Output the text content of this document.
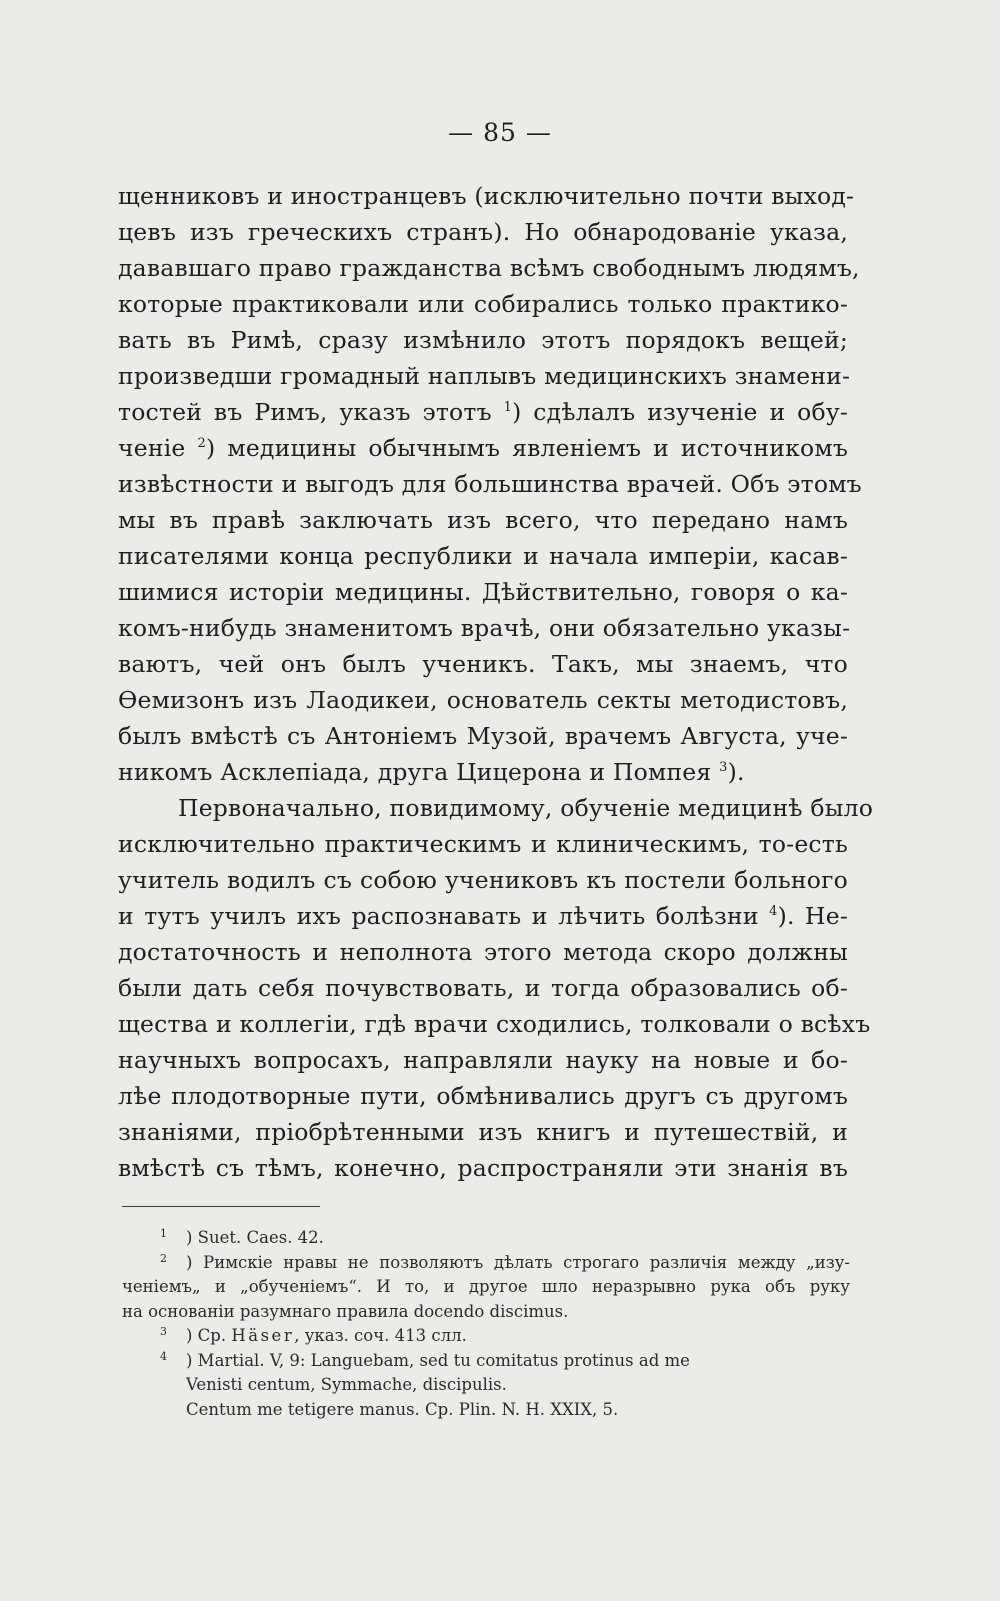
— 85 —
щенниковъ и иностранцевъ (исключительно почти выход-
цевъ изъ греческихъ странъ). Но обнародованіе указа,
дававшаго право гражданства всѣмъ свободнымъ людямъ,
которые практиковали или собирались только практико-
вать въ Римѣ, сразу измѣнило этотъ порядокъ вещей;
произведши громадный наплывъ медицинскихъ знамени-
тостей въ Римъ, указъ этотъ $^1$) сдѣлалъ изученіе и обу-
ченіе $^2$) медицины обычнымъ явленіемъ и источникомъ
извѣстности и выгодъ для большинства врачей. Объ этомъ
мы въ правѣ заключать изъ всего, что передано намъ
писателями конца республики и начала имперіи, касав-
шимися исторіи медицины. Дѣйствительно, говоря о ка-
комъ-нибудь знаменитомъ врачѣ, они обязательно указы-
ваютъ, чей онъ былъ ученикъ. Такъ, мы знаемъ, что
Ѳемизонъ изъ Лаодикеи, основатель секты методистовъ,
былъ вмѣстѣ съ Антоніемъ Музой, врачемъ Августа, уче-
никомъ Асклепіада, друга Цицерона и Помпея $^3$).
Первоначально, повидимому, обученіе медицинѣ было
исключительно практическимъ и клиническимъ, то-есть
учитель водилъ съ собою учениковъ къ постели больного
и тутъ училъ ихъ распознавать и лѣчить болѣзни $^4$). Не-
достаточность и неполнота этого метода скоро должны
были дать себя почувствовать, и тогда образовались об-
щества и коллегіи, гдѣ врачи сходились, толковали о всѣхъ
научныхъ вопросахъ, направляли науку на новые и бо-
лѣе плодотворные пути, обмѣнивались другъ съ другомъ
знаніями, пріобрѣтенными изъ книгъ и путешествій, и
вмѣстѣ съ тѣмъ, конечно, распространяли эти знанія въ
$^1$ ) Suet. Caes. 42.
$^2$ ) Римскіе нравы не позволяютъ дѣлать строгаго различія между „изу-
ченіемъ„ и „обученіемъ“. И то, и другое шло неразрывно рука объ руку
на основаніи разумнаго правила docendo discimus.
$^3$ ) Ср. Häser, указ. соч. 413 слл.
$^4$ ) Martial. V, 9: Languebam, sed tu comitatus protinus ad me
Venisti centum, Symmache, discipulis.
Centum me tetigere manus. Ср. Plin. N. H. XXIX, 5.
